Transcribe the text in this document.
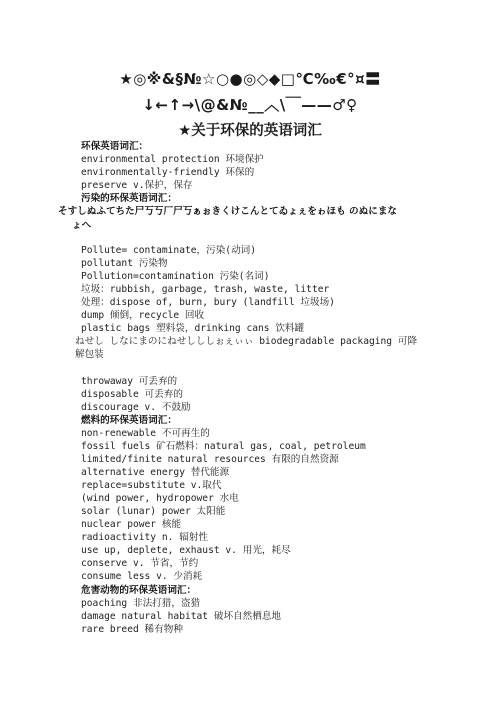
★◎※&§№☆○●◎◇◆□℃‰€°¤〓
↓←↑→\@&№__︿\￣——♂♀
★关于环保的英语词汇
环保英语词汇：
environmental protection 环境保护
environmentally-friendly 环保的
preserve v.保护，保存
污染的环保英语词汇：
そすしぬふてちた尸丂丂厂尸丂ぁぉきくけこんとてゐょぇをゎほも のぬにまな
ょへ
Pollute= contaminate，污染(动词)
pollutant 污染物
Pollution=contamination 污染(名词)
垃圾：rubbish, garbage, trash, waste, litter
处理：dispose of, burn, bury (landfill 垃圾场)
dump 倾倒，recycle 回收
plastic bags 塑料袋，drinking cans 饮料罐
ねせし しなにまのにねせしししぉぇぃぃ biodegradable packaging 可降
解包装
throwaway 可丢弃的
disposable 可丢弃的
discourage v. 不鼓励
燃料的环保英语词汇：
non-renewable 不可再生的
fossil fuels 矿石燃料：natural gas, coal, petroleum
limited/finite natural resources 有限的自然资源
alternative energy 替代能源
replace=substitute v.取代
(wind power, hydropower 水电
solar (lunar) power 太阳能
nuclear power 核能
radioactivity n. 辐射性
use up, deplete, exhaust v. 用光，耗尽
conserve v. 节省，节约
consume less v. 少消耗
危害动物的环保英语词汇：
poaching 非法打猎，盗猎
damage natural habitat 破坏自然栖息地
rare breed 稀有物种
